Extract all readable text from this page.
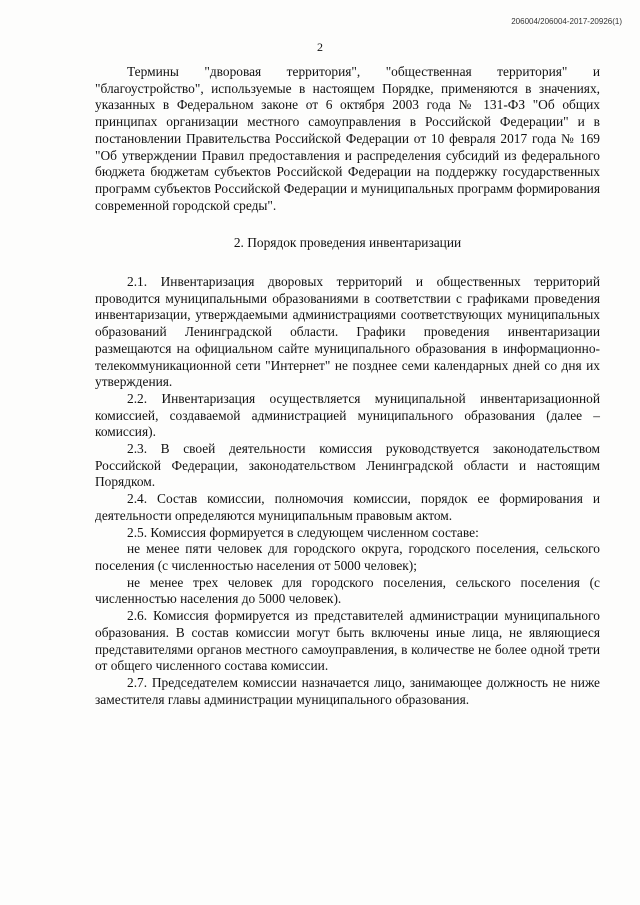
206004/206004-2017-20926(1)
2

Термины "дворовая территория", "общественная территория" и "благоустройство", используемые в настоящем Порядке, применяются в значениях, указанных в Федеральном законе от 6 октября 2003 года № 131-ФЗ "Об общих принципах организации местного самоуправления в Российской Федерации" и в постановлении Правительства Российской Федерации от 10 февраля 2017 года № 169 "Об утверждении Правил предоставления и распределения субсидий из федерального бюджета бюджетам субъектов Российской Федерации на поддержку государственных программ субъектов Российской Федерации и муниципальных программ формирования современной городской среды".

2. Порядок проведения инвентаризации

2.1. Инвентаризация дворовых территорий и общественных территорий проводится муниципальными образованиями в соответствии с графиками проведения инвентаризации, утверждаемыми администрациями соответствующих муниципальных образований Ленинградской области. Графики проведения инвентаризации размещаются на официальном сайте муниципального образования в информационно-телекоммуникационной сети "Интернет" не позднее семи календарных дней со дня их утверждения.

2.2. Инвентаризация осуществляется муниципальной инвентаризационной комиссией, создаваемой администрацией муниципального образования (далее – комиссия).

2.3. В своей деятельности комиссия руководствуется законодательством Российской Федерации, законодательством Ленинградской области и настоящим Порядком.

2.4. Состав комиссии, полномочия комиссии, порядок ее формирования и деятельности определяются муниципальным правовым актом.

2.5. Комиссия формируется в следующем численном составе:

не менее пяти человек для городского округа, городского поселения, сельского поселения (с численностью населения от 5000 человек);

не менее трех человек для городского поселения, сельского поселения (с численностью населения до 5000 человек).

2.6. Комиссия формируется из представителей администрации муниципального образования. В состав комиссии могут быть включены иные лица, не являющиеся представителями органов местного самоуправления, в количестве не более одной трети от общего численного состава комиссии.

2.7. Председателем комиссии назначается лицо, занимающее должность не ниже заместителя главы администрации муниципального образования.
